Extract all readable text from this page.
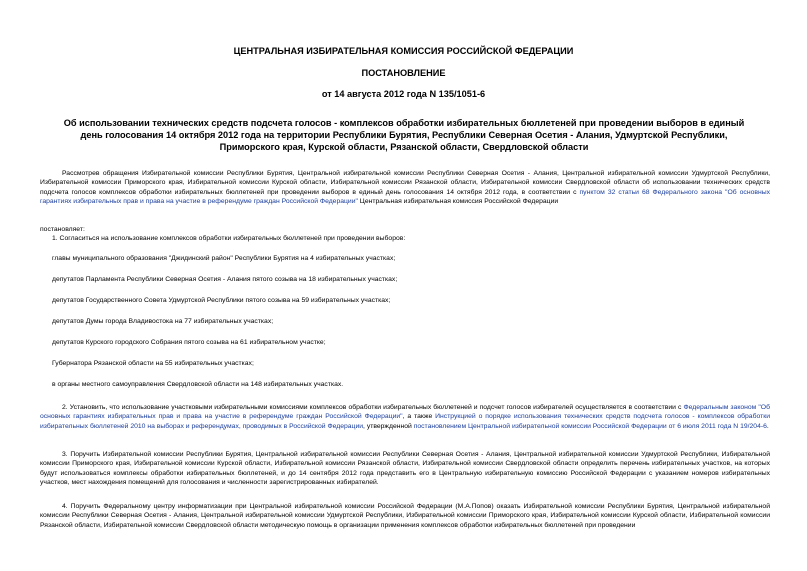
ЦЕНТРАЛЬНАЯ ИЗБИРАТЕЛЬНАЯ КОМИССИЯ РОССИЙСКОЙ ФЕДЕРАЦИИ
ПОСТАНОВЛЕНИЕ
от 14 августа 2012 года N 135/1051-6
Об использовании технических средств подсчета голосов - комплексов обработки избирательных бюллетеней при проведении выборов в единый день голосования 14 октября 2012 года на территории Республики Бурятия, Республики Северная Осетия - Алания, Удмуртской Республики, Приморского края, Курской области, Рязанской области, Свердловской области
Рассмотрев обращения Избирательной комиссии Республики Бурятия, Центральной избирательной комиссии Республики Северная Осетия - Алания, Центральной избирательной комиссии Удмуртской Республики, Избирательной комиссии Приморского края, Избирательной комиссии Курской области, Избирательной комиссии Рязанской области, Избирательной комиссии Свердловской области об использовании технических средств подсчета голосов комплексов обработки избирательных бюллетеней при проведении выборов в единый день голосования 14 октября 2012 года, в соответствии с пунктом 32 статьи 68 Федерального закона "Об основных гарантиях избирательных прав и права на участие в референдуме граждан Российской Федерации" Центральная избирательная комиссия Российской Федерации
постановляет:
1. Согласиться на использование комплексов обработки избирательных бюллетеней при проведении выборов:
главы муниципального образования "Джидинский район" Республики Бурятия на 4 избирательных участках;
депутатов Парламента Республики Северная Осетия - Алания пятого созыва на 18 избирательных участках;
депутатов Государственного Совета Удмуртской Республики пятого созыва на 59 избирательных участках;
депутатов Думы города Владивостока на 77 избирательных участках;
депутатов Курского городского Собрания пятого созыва на 61 избирательном участке;
Губернатора Рязанской области на 55 избирательных участках;
в органы местного самоуправления Свердловской области на 148 избирательных участках.
2. Установить, что использование участковыми избирательными комиссиями комплексов обработки избирательных бюллетеней и подсчет голосов избирателей осуществляется в соответствии с Федеральным законом "Об основных гарантиях избирательных прав и права на участие в референдуме граждан Российской Федерации", а также Инструкцией о порядке использования технических средств подсчета голосов - комплексов обработки избирательных бюллетеней 2010 на выборах и референдумах, проводимых в Российской Федерации, утвержденной постановлением Центральной избирательной комиссии Российской Федерации от 6 июля 2011 года N 19/204-6.
3. Поручить Избирательной комиссии Республики Бурятия, Центральной избирательной комиссии Республики Северная Осетия - Алания, Центральной избирательной комиссии Удмуртской Республики, Избирательной комиссии Приморского края, Избирательной комиссии Курской области, Избирательной комиссии Рязанской области, Избирательной комиссии Свердловской области определить перечень избирательных участков, на которых будут использоваться комплексы обработки избирательных бюллетеней, и до 14 сентября 2012 года представить его в Центральную избирательную комиссию Российской Федерации с указанием номеров избирательных участков, мест нахождения помещений для голосования и численности зарегистрированных избирателей.
4. Поручить Федеральному центру информатизации при Центральной избирательной комиссии Российской Федерации (М.А.Попов) оказать Избирательной комиссии Республики Бурятия, Центральной избирательной комиссии Республики Северная Осетия - Алания, Центральной избирательной комиссии Удмуртской Республики, Избирательной комиссии Приморского края, Избирательной комиссии Курской области, Избирательной комиссии Рязанской области, Избирательной комиссии Свердловской области методическую помощь в организации применения комплексов обработки избирательных бюллетеней при проведении
